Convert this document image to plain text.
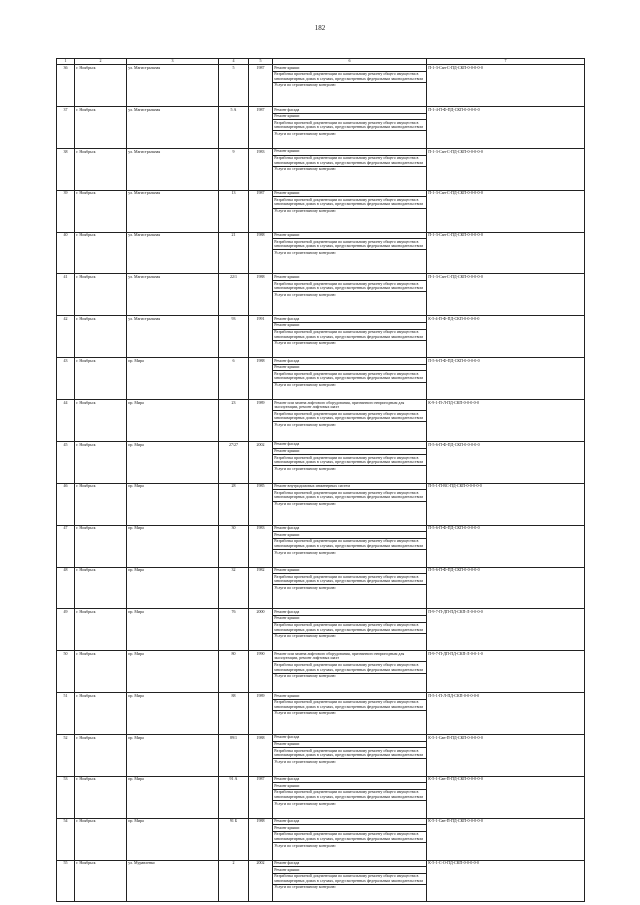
182
1	2	3	4	5	6	7
36	г. Ноябрьск	ул. Магистральная	5	1987	Ремонт крыши
Разработка проектной документации по капитальному ремонту общего имущества в многоквартирных домах в случаях, предусмотренных федеральным законодательством
Услуги по строительному контролю	П-1-3-Сан-С-ПД-СКП-0-0-0-0-0
37	г. Ноябрьск	ул. Магистральная	5 А	1987	Ремонт фасада
Ремонт крыши
Разработка проектной документации по капитальному ремонту общего имущества в многоквартирных домах в случаях, предусмотренных федеральным законодательством
Услуги по строительному контролю	П-1-4-П-Ф-ПД-СКП-0-0-0-0-0
38	г. Ноябрьск	ул. Магистральная	9	1983	Ремонт крыши
Разработка проектной документации по капитальному ремонту общего имущества в многоквартирных домах в случаях, предусмотренных федеральным законодательством
Услуги по строительному контролю	П-1-3-Сан-С-ПД-СКП-0-0-0-0-0
39	г. Ноябрьск	ул. Магистральная	13	1987	Ремонт крыши
Разработка проектной документации по капитальному ремонту общего имущества в многоквартирных домах в случаях, предусмотренных федеральным законодательством
Услуги по строительному контролю	П-1-3-Сан-С-ПД-СКП-0-0-0-0-0
40	г. Ноябрьск	ул. Магистральная	21	1988	Ремонт крыши
Разработка проектной документации по капитальному ремонту общего имущества в многоквартирных домах в случаях, предусмотренных федеральным законодательством
Услуги по строительному контролю	П-1-3-Сан-С-ПД-СКП-0-0-0-0-0
41	г. Ноябрьск	ул. Магистральная	22/1	1988	Ремонт крыши
Разработка проектной документации по капитальному ремонту общего имущества в многоквартирных домах в случаях, предусмотренных федеральным законодательством
Услуги по строительному контролю	П-1-3-Сан-С-ПД-СКП-0-0-0-0-0
42	г. Ноябрьск	ул. Магистральная	93	1991	Ремонт фасада
Ремонт крыши
Разработка проектной документации по капитальному ремонту общего имущества в многоквартирных домах в случаях, предусмотренных федеральным законодательством
Услуги по строительному контролю	К-5-4-П-Ф-ПД-СКП-0-0-0-0-0
43	г. Ноябрьск	пр. Мира	6	1988	Ремонт фасада
Ремонт крыши
Разработка проектной документации по капитальному ремонту общего имущества в многоквартирных домах в случаях, предусмотренных федеральным законодательством
Услуги по строительному контролю	П-5-6-П-Ф-ПД-СКП-0-0-0-0-0
44	г. Ноябрьск	пр. Мира	23	1989	Ремонт или замена лифтового оборудования, признанного непригодным для эксплуатации, ремонт лифтовых шахт
Разработка проектной документации по капитальному ремонту общего имущества в многоквартирных домах в случаях, предусмотренных федеральным законодательством
Услуги по строительному контролю	К-9-1-П-Л-ПД-СКП-0-0-0-0-0
45	г. Ноябрьск	пр. Мира	27/27	2002	Ремонт фасада
Ремонт крыши
Разработка проектной документации по капитальному ремонту общего имущества в многоквартирных домах в случаях, предусмотренных федеральным законодательством
Услуги по строительному контролю	П-5-6-П-Ф-ПД-СКП-0-0-0-0-0
46	г. Ноябрьск	пр. Мира	28	1985	Ремонт внутридомовых инженерных систем
Разработка проектной документации по капитальному ремонту общего имущества в многоквартирных домах в случаях, предусмотренных федеральным законодательством
Услуги по строительному контролю	П-5-1-П-ВС-ПД-СКП-0-0-0-0-0
47	г. Ноябрьск	пр. Мира	30	1983	Ремонт фасада
Ремонт крыши
Разработка проектной документации по капитальному ремонту общего имущества в многоквартирных домах в случаях, предусмотренных федеральным законодательством
Услуги по строительному контролю	П-5-6-П-Ф-ПД-СКП-0-0-0-0-0
48	г. Ноябрьск	пр. Мира	32	1982	Ремонт крыши
Разработка проектной документации по капитальному ремонту общего имущества в многоквартирных домах в случаях, предусмотренных федеральным законодательством
Услуги по строительному контролю	П-5-6-П-Ф-ПД-СКП-0-0-0-0-0
49	г. Ноябрьск	пр. Мира	76	2000	Ремонт фасада
Ремонт крыши
Разработка проектной документации по капитальному ремонту общего имущества в многоквартирных домах в случаях, предусмотренных федеральным законодательством
Услуги по строительному контролю	П-9-7-П-ДП-ПД-СКП-Л-0-0-0-0
50	г. Ноябрьск	пр. Мира	80	1990	Ремонт или замена лифтового оборудования, признанного непригодным для эксплуатации, ремонт лифтовых шахт
Разработка проектной документации по капитальному ремонту общего имущества в многоквартирных домах в случаях, предусмотренных федеральным законодательством
Услуги по строительному контролю	П-9-7-П-ДП-ПД-СКП-Л-0-0-1-0
51	г. Ноябрьск	пр. Мира	88	1989	Ремонт крыши
Разработка проектной документации по капитальному ремонту общего имущества в многоквартирных домах в случаях, предусмотренных федеральным законодательством
Услуги по строительному контролю	П-5-1-П-Л-ПД-СКП-0-0-0-0-0
52	г. Ноябрьск	пр. Мира	89/1	1988	Ремонт фасада
Ремонт крыши
Разработка проектной документации по капитальному ремонту общего имущества в многоквартирных домах в случаях, предусмотренных федеральным законодательством
Услуги по строительному контролю	К-5-1-Сан-П-ПД-СКП-0-0-0-0-0
53	г. Ноябрьск	пр. Мира	91 А	1987	Ремонт фасада
Ремонт крыши
Разработка проектной документации по капитальному ремонту общего имущества в многоквартирных домах в случаях, предусмотренных федеральным законодательством
Услуги по строительному контролю	К-5-1-Сан-П-ПД-СКП-0-0-0-0-0
54	г. Ноябрьск	пр. Мира	91 Б	1988	Ремонт фасада
Ремонт крыши
Разработка проектной документации по капитальному ремонту общего имущества в многоквартирных домах в случаях, предусмотренных федеральным законодательством
Услуги по строительному контролю	К-5-1-Сан-П-ПД-СКП-0-0-0-0-0
55	г. Ноябрьск	ул. Муравленко	2	2002	Ремонт фасада
Ремонт крыши
Разработка проектной документации по капитальному ремонту общего имущества в многоквартирных домах в случаях, предусмотренных федеральным законодательством
Услуги по строительному контролю	К-5-1-С-О-ПД-СКП-0-0-0-0-0
